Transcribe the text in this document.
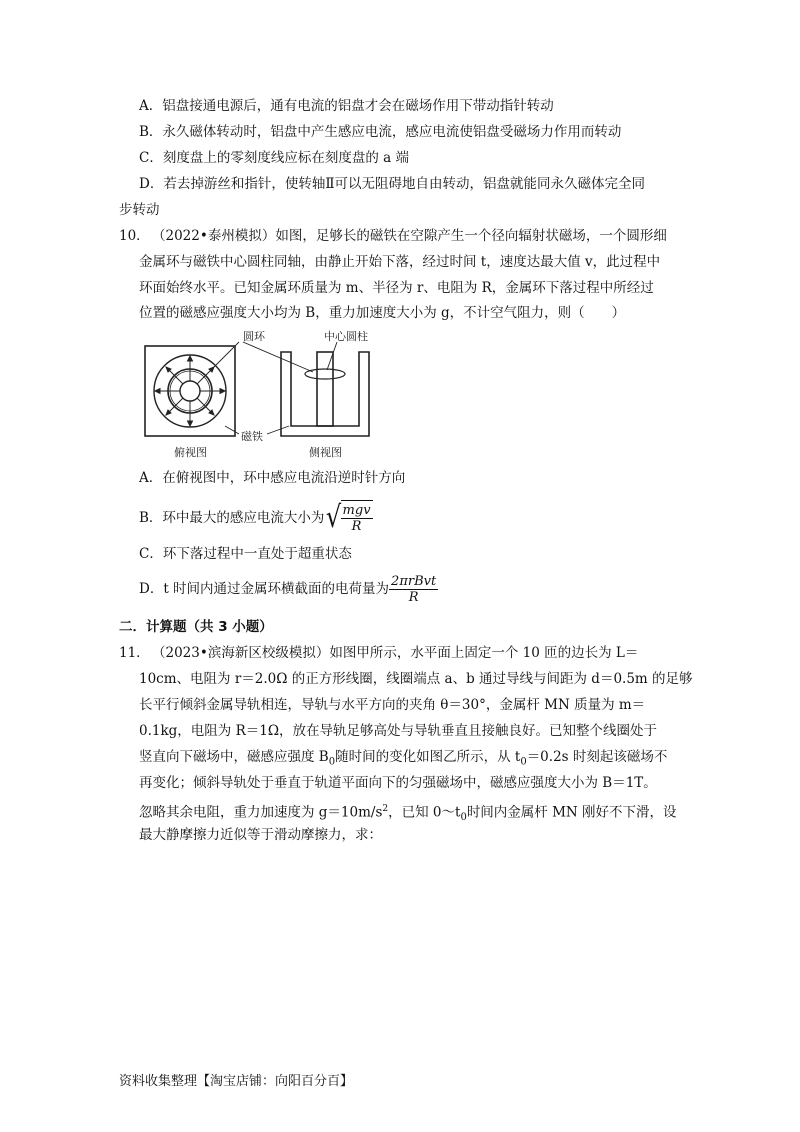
A．铝盘接通电源后，通有电流的铝盘才会在磁场作用下带动指针转动
B．永久磁体转动时，铝盘中产生感应电流，感应电流使铝盘受磁场力作用而转动
C．刻度盘上的零刻度线应标在刻度盘的 a 端
D．若去掉游丝和指针，使转轴Ⅱ可以无阻碍地自由转动，铝盘就能同永久磁体完全同
步转动
10． （2022•泰州模拟）如图，足够长的磁铁在空隙产生一个径向辐射状磁场，一个圆形细
金属环与磁铁中心圆柱同轴，由静止开始下落，经过时间 t，速度达最大值 v，此过程中
环面始终水平。已知金属环质量为 m、半径为 r、电阻为 R，金属环下落过程中所经过
位置的磁感应强度大小均为 B，重力加速度大小为 g，不计空气阻力，则（　　）
圆环	中心圆柱
磁铁
俯视图	侧视图
A．在俯视图中，环中感应电流沿逆时针方向
B．环中最大的感应电流大小为 √
$\frac{\text{mgv}}{R}$
C．环下落过程中一直处于超重状态
D．t 时间内通过金属环横截面的电荷量为 $\frac{\text{2πrBvt}}{R}$
二．计算题（共 3 小题）
11． （2023•滨海新区校级模拟）如图甲所示，水平面上固定一个 10 匝的边长为 L＝
10cm、电阻为 r＝2.0Ω 的正方形线圈，线圈端点 a、b 通过导线与间距为 d＝0.5m 的足够
长平行倾斜金属导轨相连，导轨与水平方向的夹角 θ＝30°，金属杆 MN 质量为 m＝
0.1kg，电阻为 R＝1Ω，放在导轨足够高处与导轨垂直且接触良好。已知整个线圈处于
竖直向下磁场中，磁感应强度 $B_0$随时间的变化如图乙所示，从 $t_0=0.2s$ 时刻起该磁场不
再变化；倾斜导轨处于垂直于轨道平面向下的匀强磁场中，磁感应强度大小为 B＝1T。
忽略其余电阻，重力加速度为 $g=10m/s^2$，已知 $0\sim t_0$时间内金属杆 MN 刚好不下滑，设
最大静摩擦力近似等于滑动摩擦力，求：
资料收集整理【淘宝店铺：向阳百分百】
